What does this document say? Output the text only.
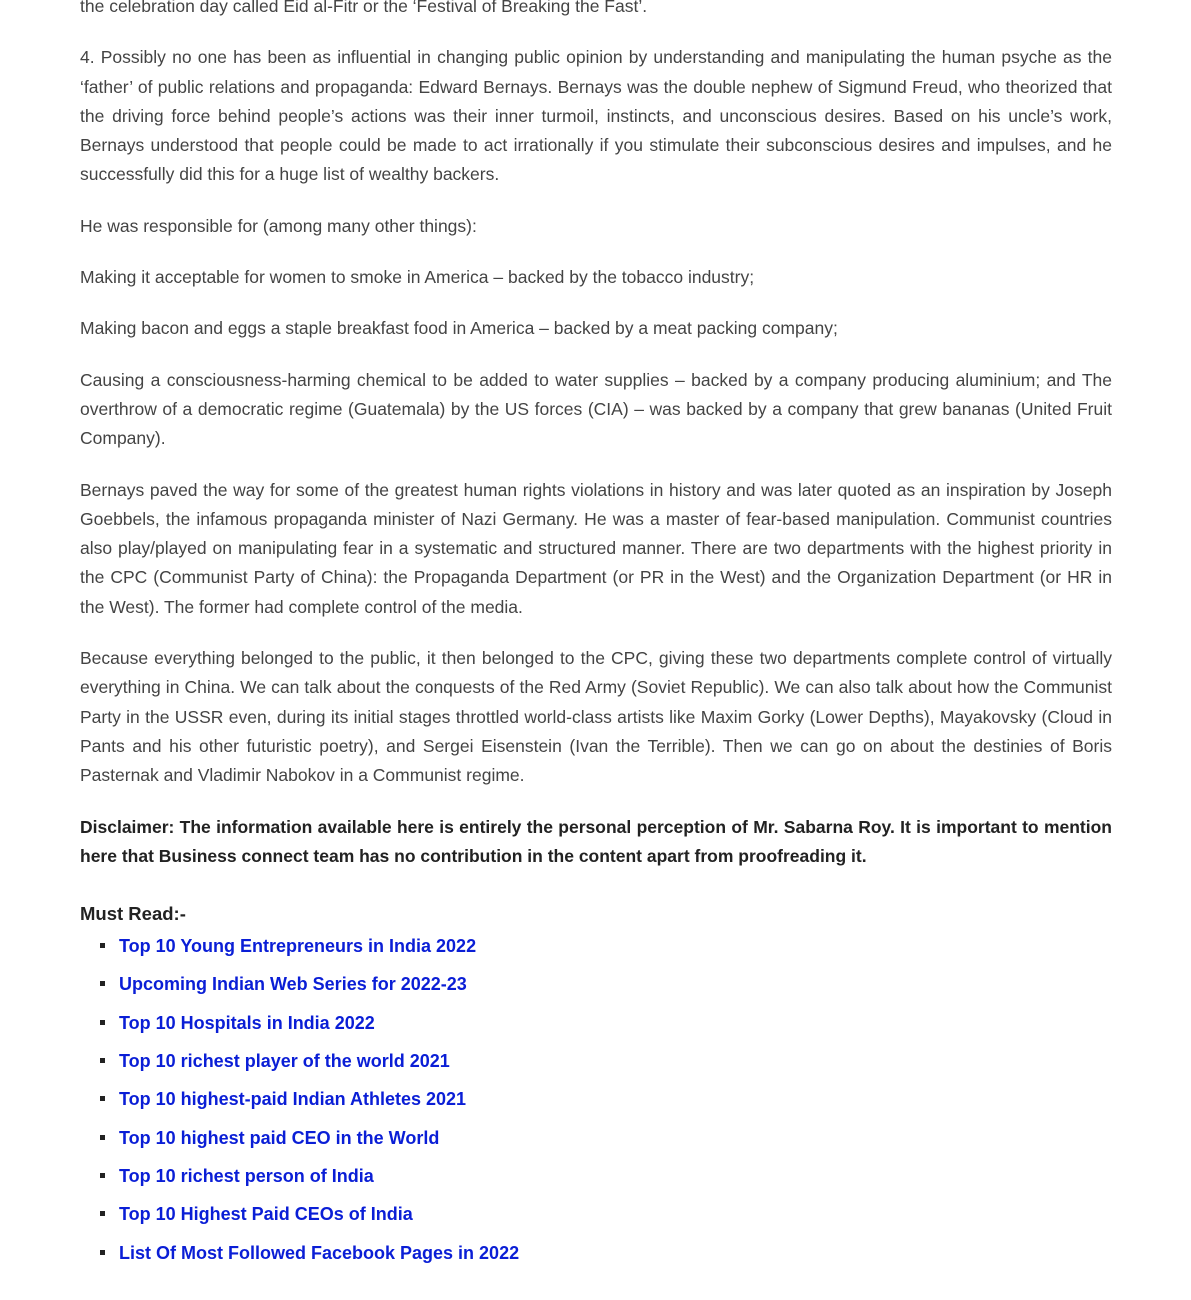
the celebration day called Eid al-Fitr or the ‘Festival of Breaking the Fast’.

4. Possibly no one has been as influential in changing public opinion by understanding and manipulating the human psyche as the ‘father’ of public relations and propaganda: Edward Bernays. Bernays was the double nephew of Sigmund Freud, who theorized that the driving force behind people’s actions was their inner turmoil, instincts, and unconscious desires. Based on his uncle’s work, Bernays understood that people could be made to act irrationally if you stimulate their subconscious desires and impulses, and he successfully did this for a huge list of wealthy backers.

He was responsible for (among many other things):

Making it acceptable for women to smoke in America – backed by the tobacco industry;

Making bacon and eggs a staple breakfast food in America – backed by a meat packing company;

Causing a consciousness-harming chemical to be added to water supplies – backed by a company producing aluminium; and The overthrow of a democratic regime (Guatemala) by the US forces (CIA) – was backed by a company that grew bananas (United Fruit Company).

Bernays paved the way for some of the greatest human rights violations in history and was later quoted as an inspiration by Joseph Goebbels, the infamous propaganda minister of Nazi Germany. He was a master of fear-based manipulation. Communist countries also play/played on manipulating fear in a systematic and structured manner. There are two departments with the highest priority in the CPC (Communist Party of China): the Propaganda Department (or PR in the West) and the Organization Department (or HR in the West). The former had complete control of the media.

Because everything belonged to the public, it then belonged to the CPC, giving these two departments complete control of virtually everything in China. We can talk about the conquests of the Red Army (Soviet Republic). We can also talk about how the Communist Party in the USSR even, during its initial stages throttled world-class artists like Maxim Gorky (Lower Depths), Mayakovsky (Cloud in Pants and his other futuristic poetry), and Sergei Eisenstein (Ivan the Terrible). Then we can go on about the destinies of Boris Pasternak and Vladimir Nabokov in a Communist regime.

Disclaimer: The information available here is entirely the personal perception of Mr. Sabarna Roy. It is important to mention here that Business connect team has no contribution in the content apart from proofreading it.

Must Read:-
Top 10 Young Entrepreneurs in India 2022
Upcoming Indian Web Series for 2022-23
Top 10 Hospitals in India 2022
Top 10 richest player of the world 2021
Top 10 highest-paid Indian Athletes 2021
Top 10 highest paid CEO in the World
Top 10 richest person of India
Top 10 Highest Paid CEOs of India
List Of Most Followed Facebook Pages in 2022
